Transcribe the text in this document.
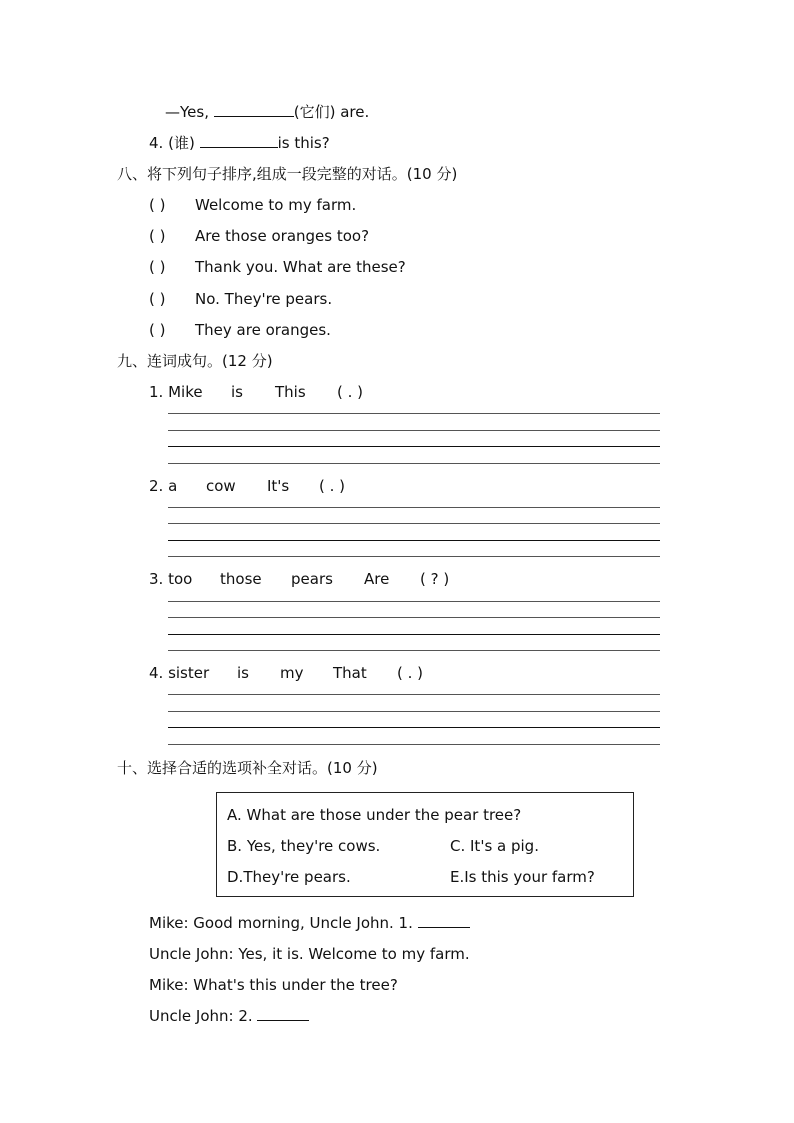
—Yes,	(它们) are.
4. (谁)	is this?
八、将下列句子排序,组成一段完整的对话。(10 分)
( ) Welcome to my farm.
( ) Are those oranges too?
( ) Thank you. What are these?
( ) No. They're pears.
( ) They are oranges.
九、连词成句。(12 分)
1. Mike is This ( . )
2. a cow It's ( . )
3. too those pears Are ( ? )
4. sister is my That ( . )
十、选择合适的选项补全对话。(10 分)
A. What are those under the pear tree?
B. Yes, they're cows.	C. It's a pig.
D.They're pears.	E.Is this your farm?
Mike: Good morning, Uncle John. 1.
Uncle John: Yes, it is. Welcome to my farm.
Mike: What's this under the tree?
Uncle John: 2.
